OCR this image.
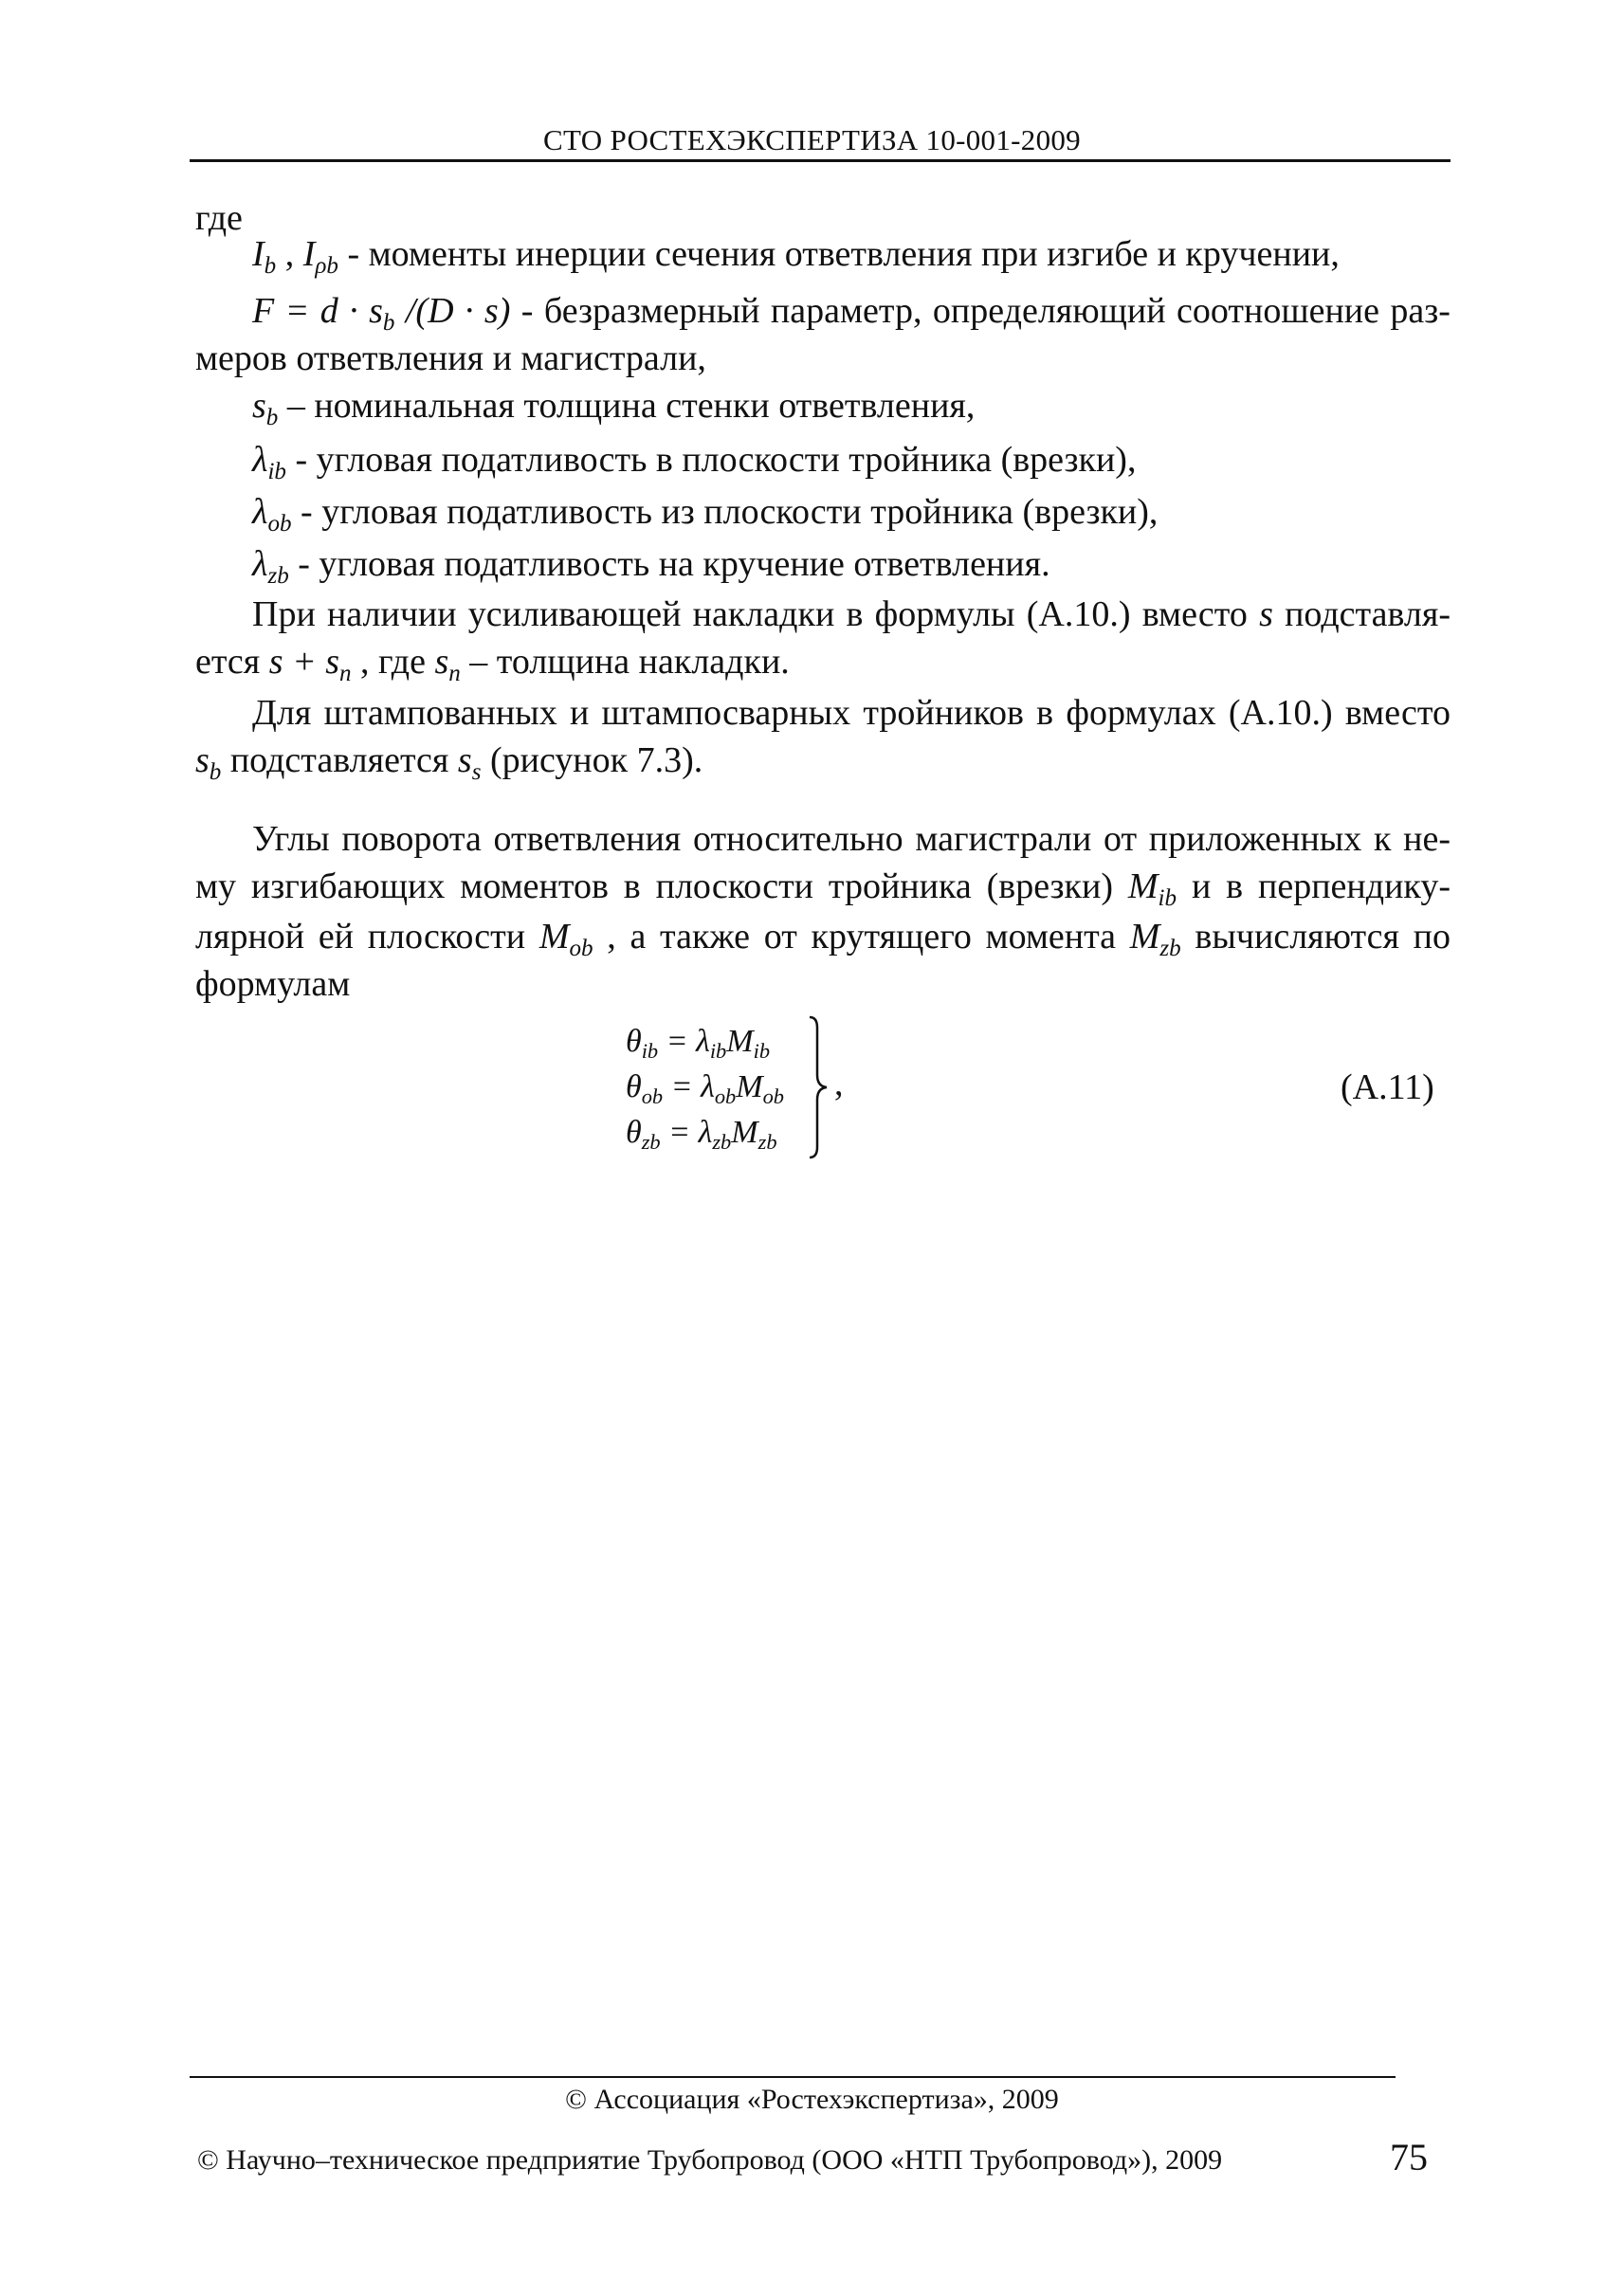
СТО РОСТЕХЭКСПЕРТИЗА 10-001-2009
где
$I_b$ , $I_{\rho b}$ - моменты инерции сечения ответвления при изгибе и кручении,
$F = d \cdot s_b$ /(D · s) - безразмерный параметр, определяющий соотношение раз-
меров ответвления и магистрали,
$s_b$ – номинальная толщина стенки ответвления,
$\lambda_{ib}$ - угловая податливость в плоскости тройника (врезки),
$\lambda_{ob}$ - угловая податливость из плоскости тройника (врезки),
$\lambda_{zb}$ - угловая податливость на кручение ответвления.
При наличии усиливающей накладки в формулы (А.10.) вместо s подставля-
ется $s + s_n$ , где $s_n$ – толщина накладки.
Для штампованных и штампосварных тройников в формулах (А.10.) вместо
$s_b$ подставляется $s_s$ (рисунок 7.3).
Углы поворота ответвления относительно магистрали от приложенных к не-
му изгибающих моментов в плоскости тройника (врезки) $M_{ib}$ и в перпендику-
лярной ей плоскости $M_{ob}$ , а также от крутящего момента $M_{zb}$ вычисляются по
формулам
$\theta_{ib} = \lambda_{ib}M_{ib}$
$\theta_{ob} = \lambda_{ob}M_{ob}$
$\theta_{zb} = \lambda_{zb}M_{zb}$
,	(А.11)
© Ассоциация «Ростехэкспертиза», 2009
© Научно–техническое предприятие Трубопровод (ООО «НТП Трубопровод»), 2009	75
